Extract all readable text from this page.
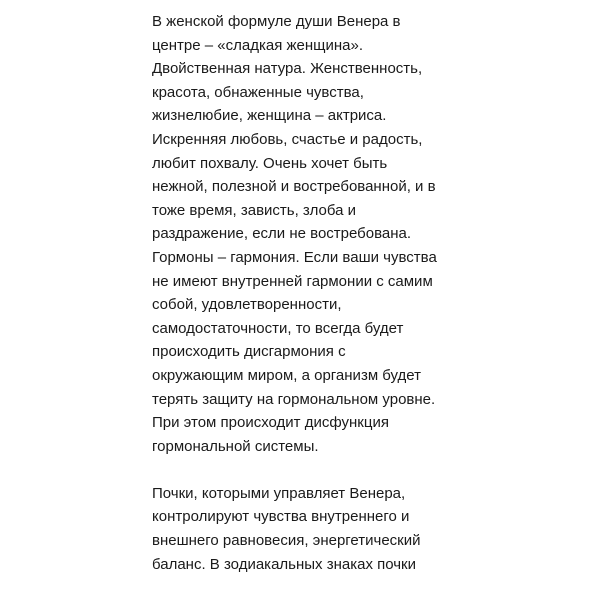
В женской формуле души Венера в
центре – «сладкая женщина».
Двойственная натура. Женственность,
красота, обнаженные чувства,
жизнелюбие, женщина – актриса.
Искренняя любовь, счастье и радость,
любит похвалу. Очень хочет быть
нежной, полезной и востребованной, и в
тоже время, зависть, злоба и
раздражение, если не востребована.
Гормоны – гармония. Если ваши чувства
не имеют внутренней гармонии с самим
собой, удовлетворенности,
самодостаточности, то всегда будет
происходить дисгармония с
окружающим миром, а организм будет
терять защиту на гормональном уровне.
При этом происходит дисфункция
гормональной системы.

Почки, которыми управляет Венера,
контролируют чувства внутреннего и
внешнего равновесия, энергетический
баланс. В зодиакальных знаках почки
